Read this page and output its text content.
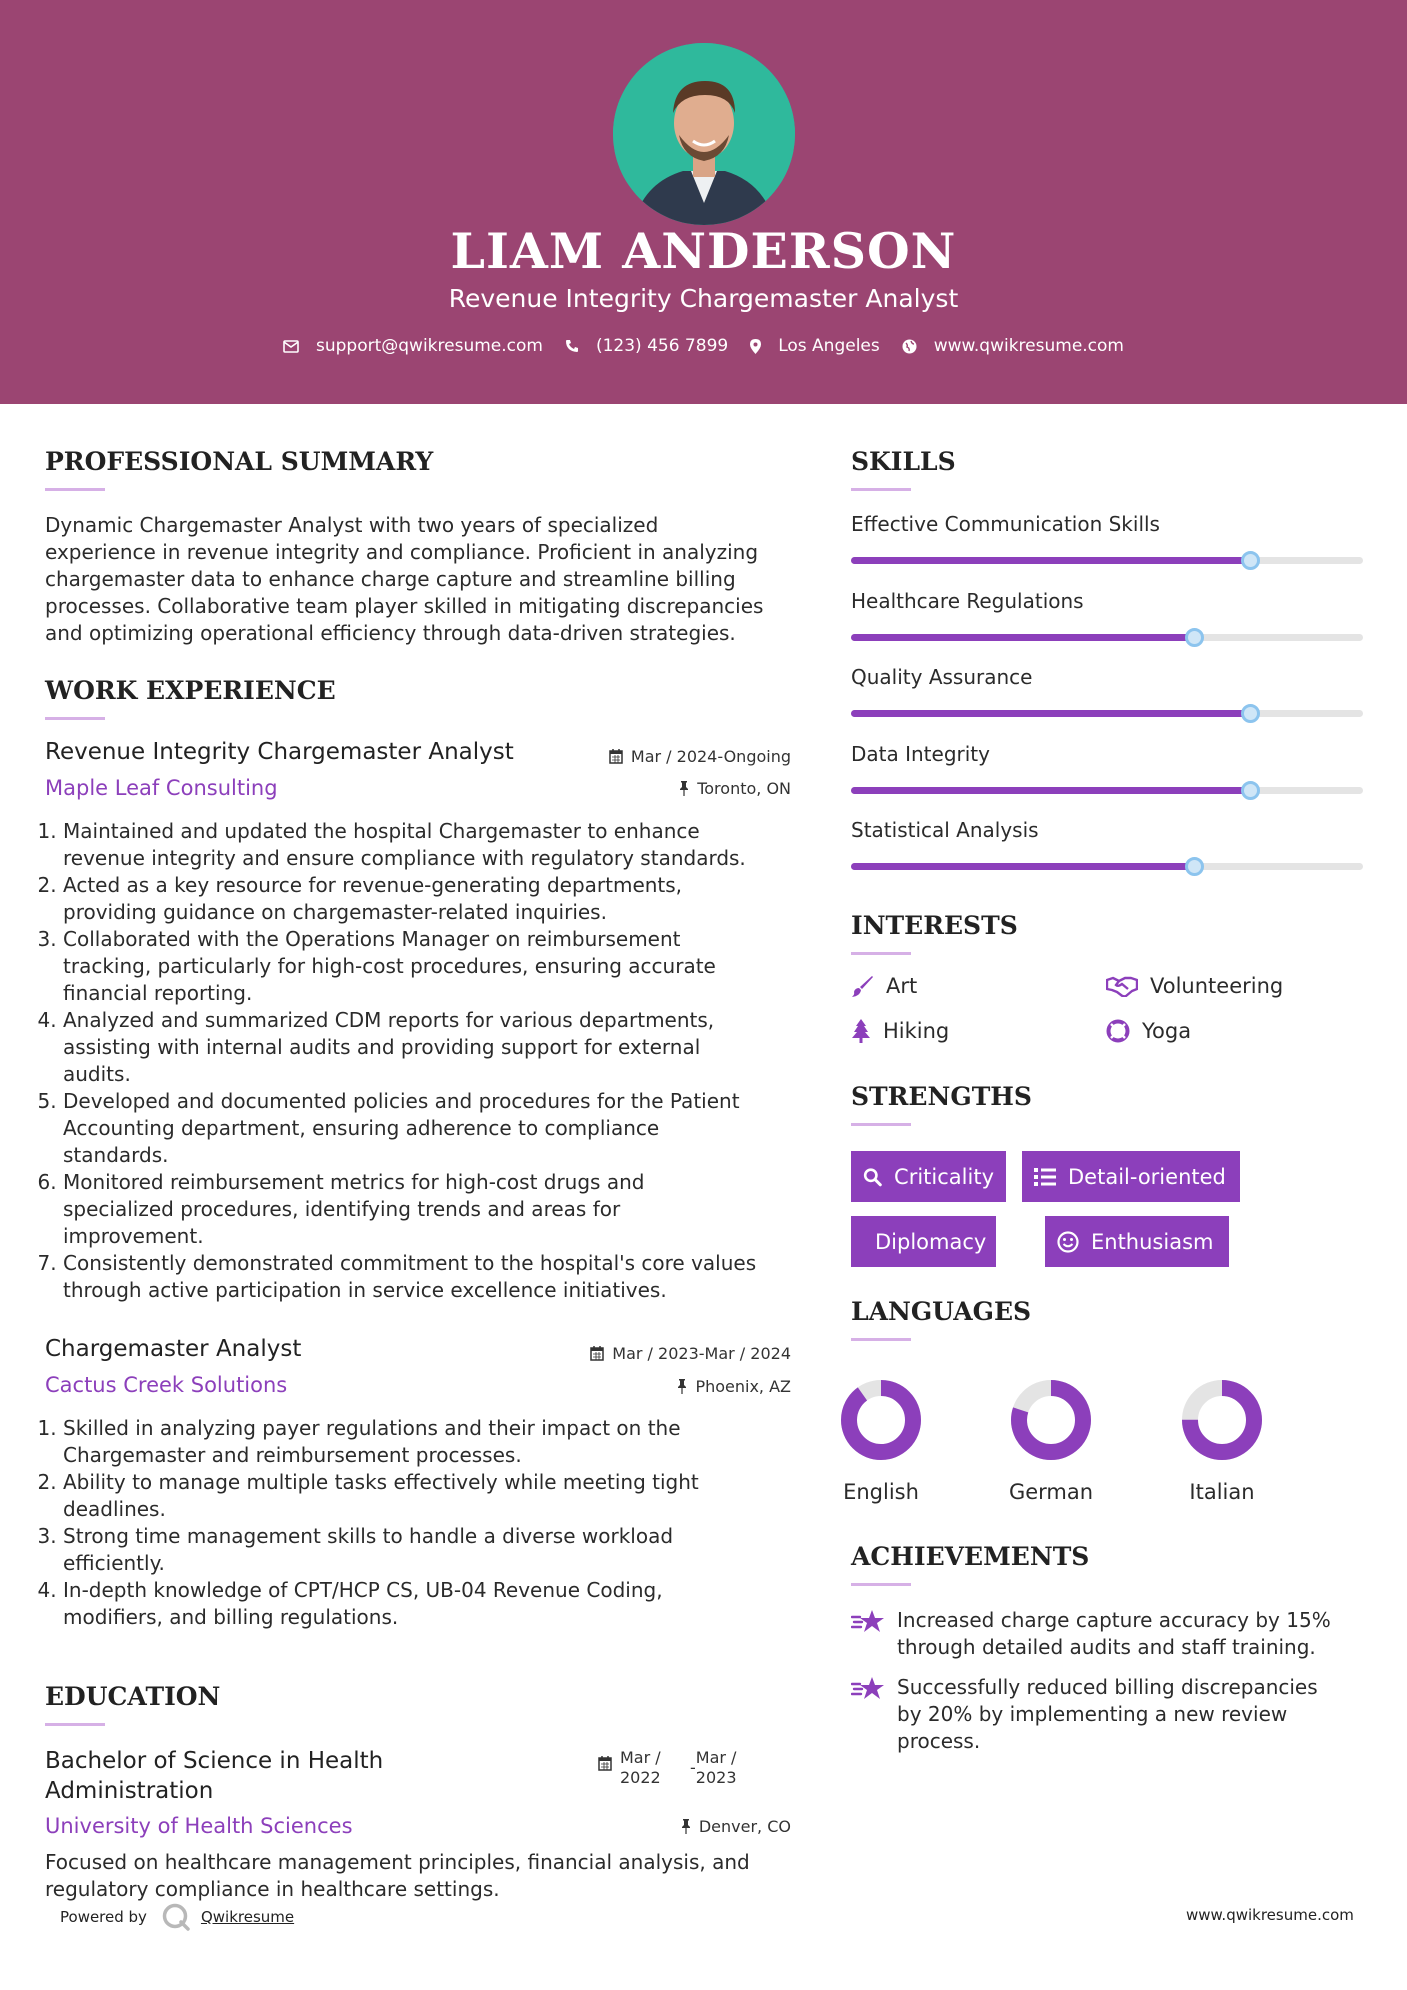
LIAM ANDERSON
Revenue Integrity Chargemaster Analyst
support@qwikresume.com	(123) 456 7899	Los Angeles	www.qwikresume.com
PROFESSIONAL SUMMARY
Dynamic Chargemaster Analyst with two years of specialized
experience in revenue integrity and compliance. Proficient in analyzing
chargemaster data to enhance charge capture and streamline billing
processes. Collaborative team player skilled in mitigating discrepancies
and optimizing operational efficiency through data-driven strategies.
WORK EXPERIENCE
Revenue Integrity Chargemaster Analyst	Mar / 2024-Ongoing
Maple Leaf Consulting	Toronto, ON
1. Maintained and updated the hospital Chargemaster to enhance
revenue integrity and ensure compliance with regulatory standards.
2. Acted as a key resource for revenue-generating departments,
providing guidance on chargemaster-related inquiries.
3. Collaborated with the Operations Manager on reimbursement
tracking, particularly for high-cost procedures, ensuring accurate
financial reporting.
4. Analyzed and summarized CDM reports for various departments,
assisting with internal audits and providing support for external
audits.
5. Developed and documented policies and procedures for the Patient
Accounting department, ensuring adherence to compliance
standards.
6. Monitored reimbursement metrics for high-cost drugs and
specialized procedures, identifying trends and areas for
improvement.
7. Consistently demonstrated commitment to the hospital's core values
through active participation in service excellence initiatives.
Chargemaster Analyst	Mar / 2023-Mar / 2024
Cactus Creek Solutions	Phoenix, AZ
1. Skilled in analyzing payer regulations and their impact on the
Chargemaster and reimbursement processes.
2. Ability to manage multiple tasks effectively while meeting tight
deadlines.
3. Strong time management skills to handle a diverse workload
efficiently.
4. In-depth knowledge of CPT/HCP CS, UB-04 Revenue Coding,
modifiers, and billing regulations.
EDUCATION
Bachelor of Science in Health
Administration
Mar /
2022
-
Mar /
2023
University of Health Sciences	Denver, CO
Focused on healthcare management principles, financial analysis, and
regulatory compliance in healthcare settings.
SKILLS
Effective Communication Skills
Healthcare Regulations
Quality Assurance
Data Integrity
Statistical Analysis
INTERESTS
Art	Volunteering
Hiking	Yoga
STRENGTHS
Criticality	Detail-oriented
Diplomacy	Enthusiasm
LANGUAGES
English	German	Italian
ACHIEVEMENTS
Increased charge capture accuracy by 15%
through detailed audits and staff training.
Successfully reduced billing discrepancies
by 20% by implementing a new review
process.
Powered by	Qwikresume	www.qwikresume.com
